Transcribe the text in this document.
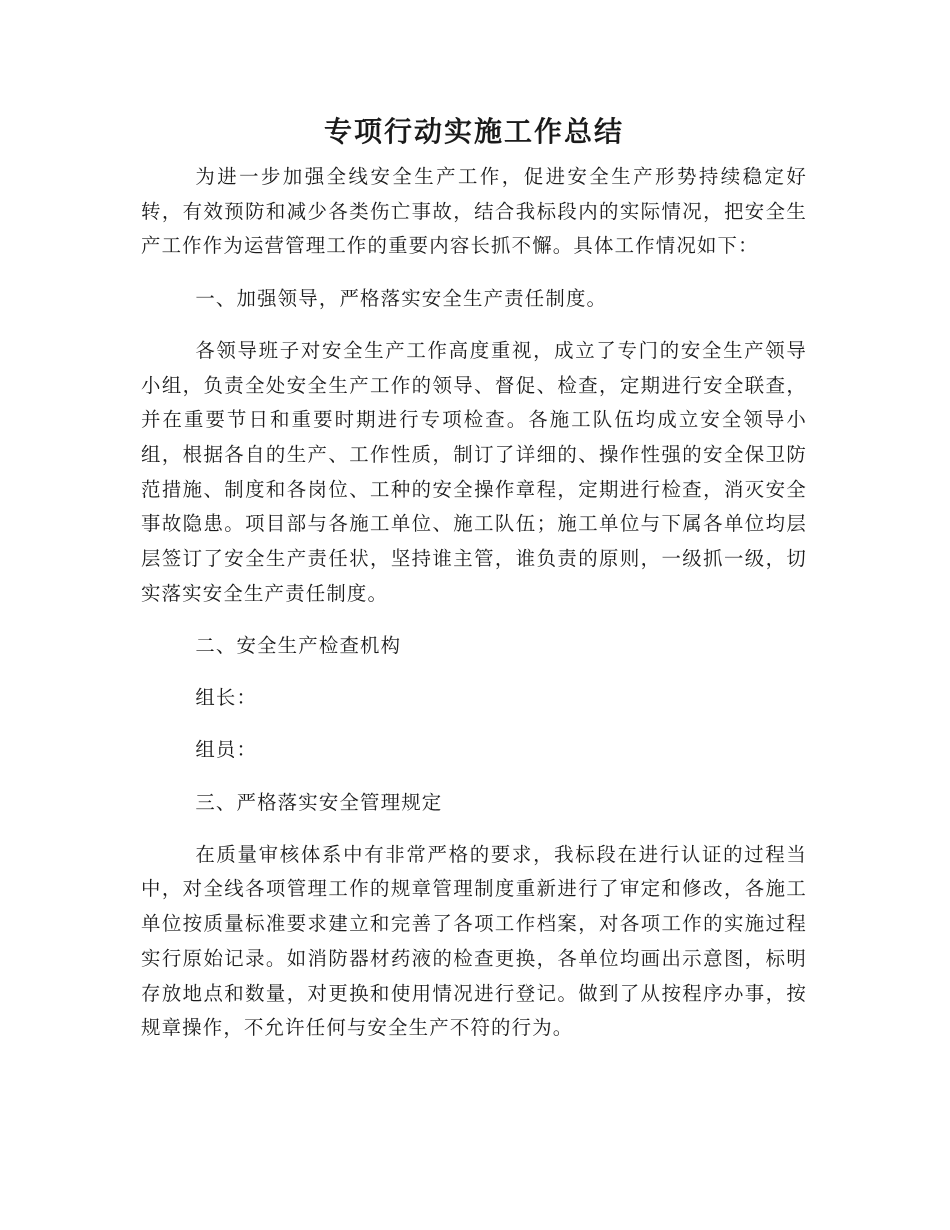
专项行动实施工作总结

为进一步加强全线安全生产工作，促进安全生产形势持续稳定好转，有效预防和减少各类伤亡事故，结合我标段内的实际情况，把安全生产工作作为运营管理工作的重要内容长抓不懈。具体工作情况如下：

一、加强领导，严格落实安全生产责任制度。

各领导班子对安全生产工作高度重视，成立了专门的安全生产领导小组，负责全处安全生产工作的领导、督促、检查，定期进行安全联查，并在重要节日和重要时期进行专项检查。各施工队伍均成立安全领导小组，根据各自的生产、工作性质，制订了详细的、操作性强的安全保卫防范措施、制度和各岗位、工种的安全操作章程，定期进行检查，消灭安全事故隐患。项目部与各施工单位、施工队伍；施工单位与下属各单位均层层签订了安全生产责任状，坚持谁主管，谁负责的原则，一级抓一级，切实落实安全生产责任制度。

二、安全生产检查机构

组长：

组员：

三、严格落实安全管理规定

在质量审核体系中有非常严格的要求，我标段在进行认证的过程当中，对全线各项管理工作的规章管理制度重新进行了审定和修改，各施工单位按质量标准要求建立和完善了各项工作档案，对各项工作的实施过程实行原始记录。如消防器材药液的检查更换，各单位均画出示意图，标明存放地点和数量，对更换和使用情况进行登记。做到了从按程序办事，按规章操作，不允许任何与安全生产不符的行为。
